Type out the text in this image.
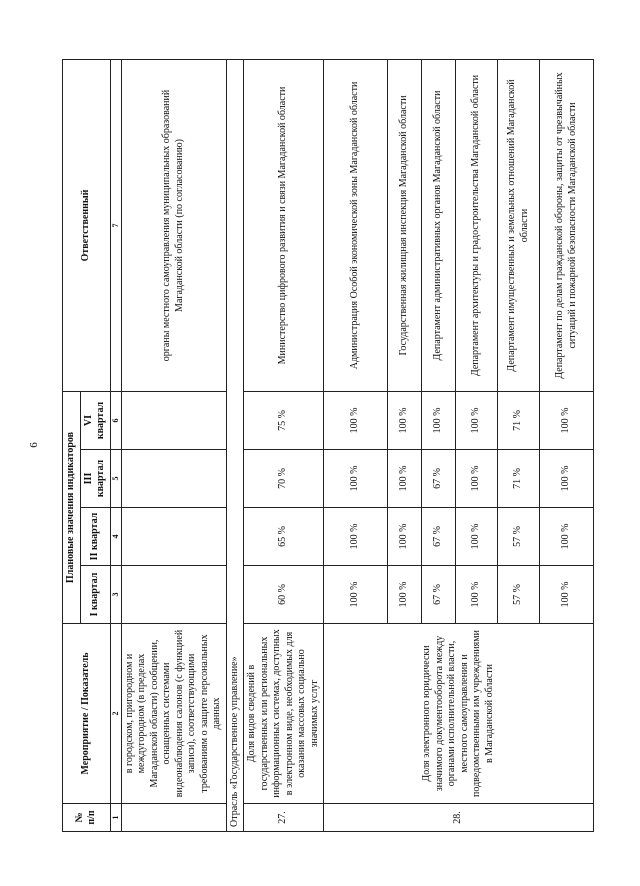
6
№
п/п	Мероприятие / Показатель	Плановые значения индикаторов				Ответственный
		I квартал	II квартал	III квартал	VI квартал	
1	2	3	4	5	6	7
	в городском, пригородном и междугородном (в пределах Магаданской области) сообщении, оснащенных системами видеонаблюдения салонов (с функцией записи), соответствующими требованиям о защите персональных данных					органы местного самоуправления муниципальных образований Магаданской области (по согласованию)
Отрасль «Государственное управление»						
27.	Доля видов сведений в государственных или региональных информационных системах, доступных в электронном виде, необходимых для оказания массовых социально значимых услуг	60 %	65 %	70 %	75 %	Министерство цифрового развития и связи Магаданской области
28.	Доля электронного юридически значимого документооборота между органами исполнительной власти, местного самоуправления и подведомственными им учреждениями в Магаданской области	100 %	100 %	100 %	100 %	Администрация Особой экономической зоны Магаданской области
		100 %	100 %	100 %	100 %	Государственная жилищная инспекция Магаданской области
		67 %	67 %	67 %	100 %	Департамент административных органов Магаданской области
		100 %	100 %	100 %	100 %	Департамент архитектуры и градостроительства Магаданской области
		57 %	57 %	71 %	71 %	Департамент имущественных и земельных отношений Магаданской области
		100 %	100 %	100 %	100 %	Департамент по делам гражданской обороны, защиты от чрезвычайных ситуаций и пожарной безопасности Магаданской области
